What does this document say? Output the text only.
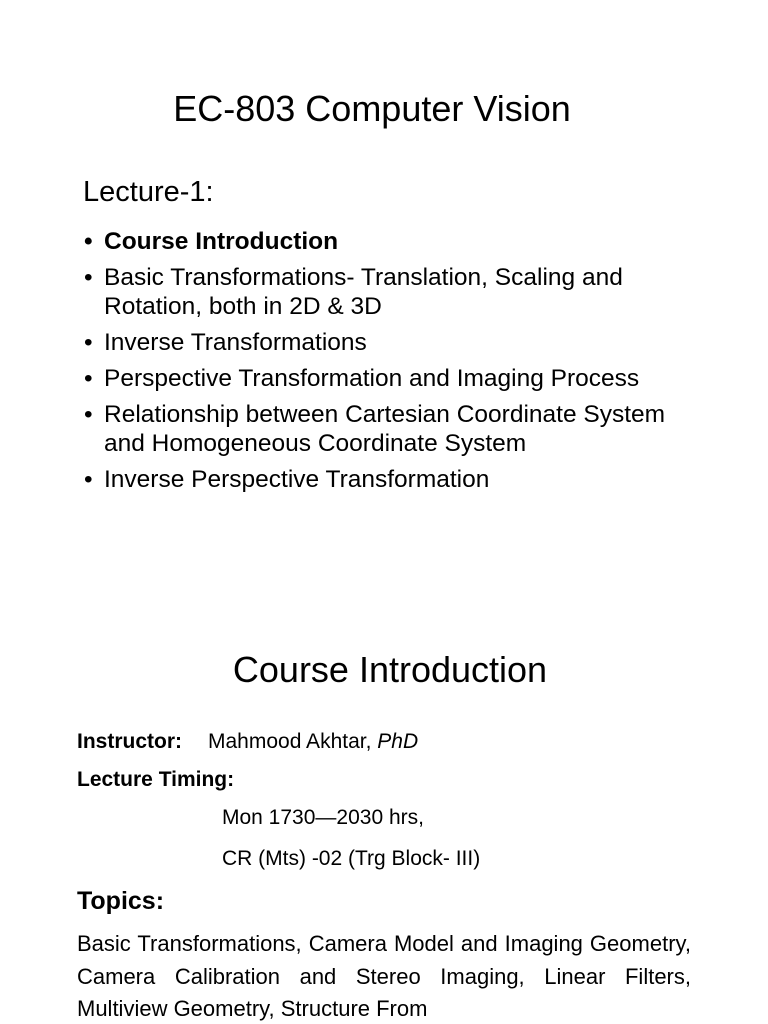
EC-803 Computer Vision
Lecture-1:
• Course Introduction
• Basic Transformations- Translation, Scaling and Rotation, both in 2D & 3D
• Inverse Transformations
• Perspective Transformation and Imaging Process
• Relationship between Cartesian Coordinate System and Homogeneous Coordinate System
• Inverse Perspective Transformation
Course Introduction
Instructor: Mahmood Akhtar, PhD
Lecture Timing:
Mon 1730—2030 hrs,
CR (Mts) -02 (Trg Block- III)
Topics:
Basic Transformations, Camera Model and Imaging Geometry, Camera Calibration and Stereo Imaging, Linear Filters, Multiview Geometry, Structure From
